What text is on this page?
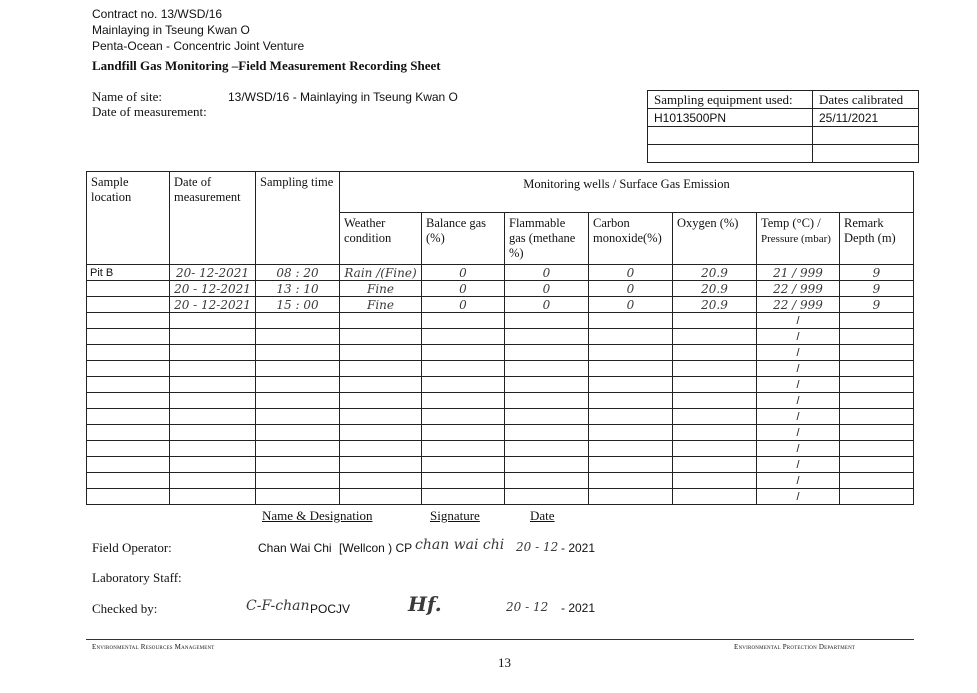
Contract no. 13/WSD/16
Mainlaying in Tseung Kwan O
Penta-Ocean - Concentric Joint Venture
Landfill Gas Monitoring –Field Measurement Recording Sheet
Name of site:	13/WSD/16 - Mainlaying in Tseung Kwan O
Date of measurement:
Sampling equipment used:	Dates calibrated
H1013500PN	25/11/2021

Sample location	Date of measurement	Sampling time	Monitoring wells / Surface Gas Emission						
			Weather condition	Balance gas (%)	Flammable gas (methane %)	Carbon monoxide(%)	Oxygen (%)	Temp (°C) /
Pressure (mbar)	Remark Depth (m)
Pit B	20- 12-2021	08 : 20	Rain /(Fine)	0	0	0	20.9	21 / 999	9
	20 - 12-2021	13 : 10	Fine	0	0	0	20.9	22 / 999	9
	20 - 12-2021	15 : 00	Fine	0	0	0	20.9	22 / 999	9
								/	
								/	
								/	
								/	
								/	
								/	
								/	
								/	
								/	
								/	
								/	
								/	
Name & Designation	Signature	Date
Field Operator:	Chan Wai Chi [Wellcon ) CP chan wai chi 20 - 12 - 2021
Laboratory Staff:
Checked by:	C-F-chan POCJV	Hf.	20 - 12 - 2021
Environmental Resources Management	Environmental Protection Department
13
